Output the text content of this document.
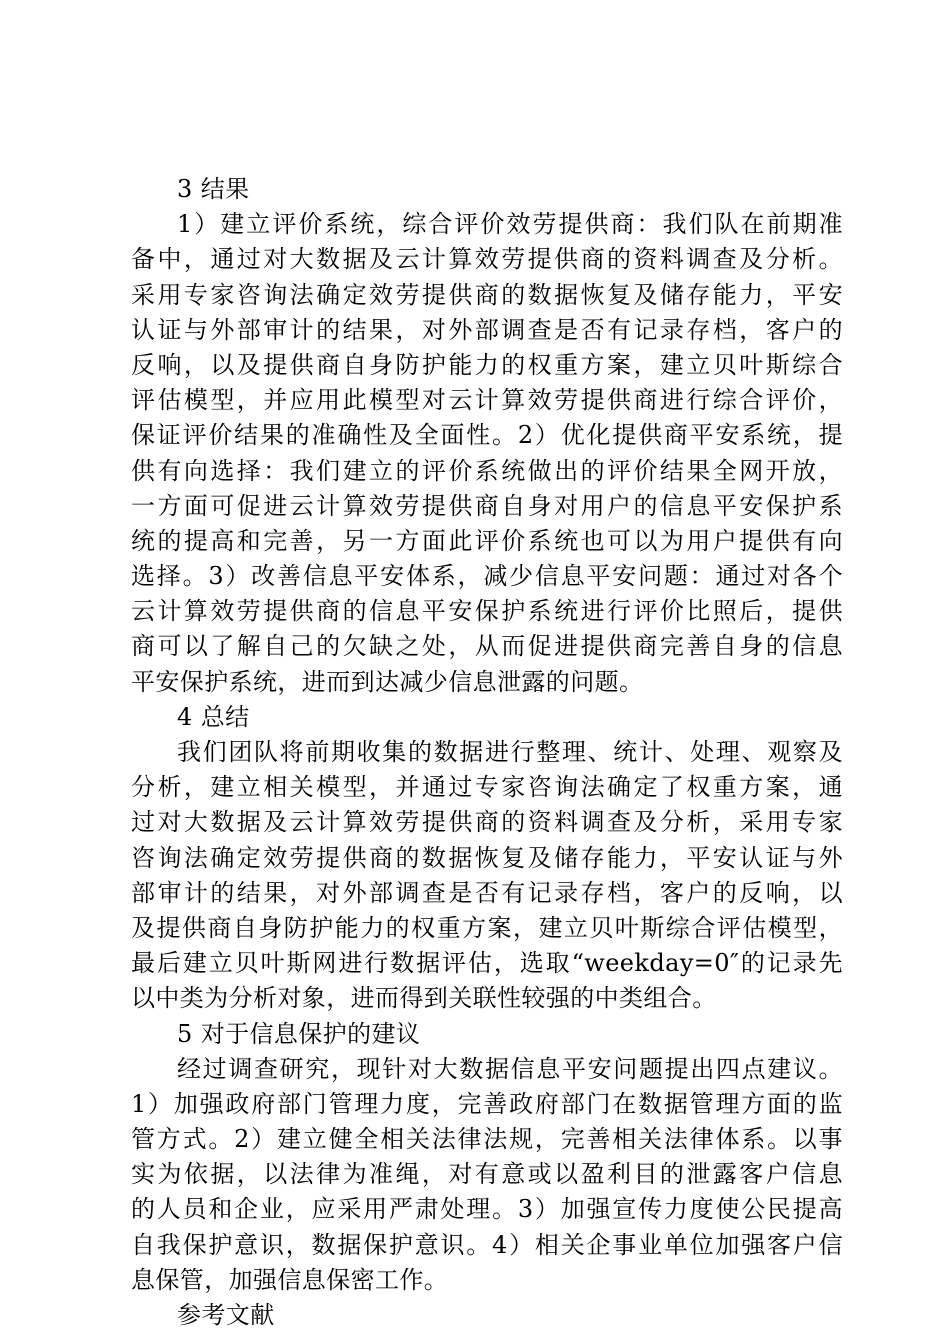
3 结果
1）建立评价系统，综合评价效劳提供商：我们队在前期准
备中，通过对大数据及云计算效劳提供商的资料调查及分析。
采用专家咨询法确定效劳提供商的数据恢复及储存能力，平安
认证与外部审计的结果，对外部调查是否有记录存档，客户的
反响，以及提供商自身防护能力的权重方案，建立贝叶斯综合
评估模型，并应用此模型对云计算效劳提供商进行综合评价，
保证评价结果的准确性及全面性。2）优化提供商平安系统，提
供有向选择：我们建立的评价系统做出的评价结果全网开放，
一方面可促进云计算效劳提供商自身对用户的信息平安保护系
统的提高和完善，另一方面此评价系统也可以为用户提供有向
选择。3）改善信息平安体系，减少信息平安问题：通过对各个
云计算效劳提供商的信息平安保护系统进行评价比照后，提供
商可以了解自己的欠缺之处，从而促进提供商完善自身的信息
平安保护系统，进而到达减少信息泄露的问题。
4 总结
我们团队将前期收集的数据进行整理、统计、处理、观察及
分析，建立相关模型，并通过专家咨询法确定了权重方案，通
过对大数据及云计算效劳提供商的资料调查及分析，采用专家
咨询法确定效劳提供商的数据恢复及储存能力，平安认证与外
部审计的结果，对外部调查是否有记录存档，客户的反响，以
及提供商自身防护能力的权重方案，建立贝叶斯综合评估模型，
最后建立贝叶斯网进行数据评估，选取“weekday=0″的记录先
以中类为分析对象，进而得到关联性较强的中类组合。
5 对于信息保护的建议
经过调查研究，现针对大数据信息平安问题提出四点建议。
1）加强政府部门管理力度，完善政府部门在数据管理方面的监
管方式。2）建立健全相关法律法规，完善相关法律体系。以事
实为依据，以法律为准绳，对有意或以盈利目的泄露客户信息
的人员和企业，应采用严肃处理。3）加强宣传力度使公民提高
自我保护意识，数据保护意识。4）相关企事业单位加强客户信
息保管，加强信息保密工作。
参考文献
